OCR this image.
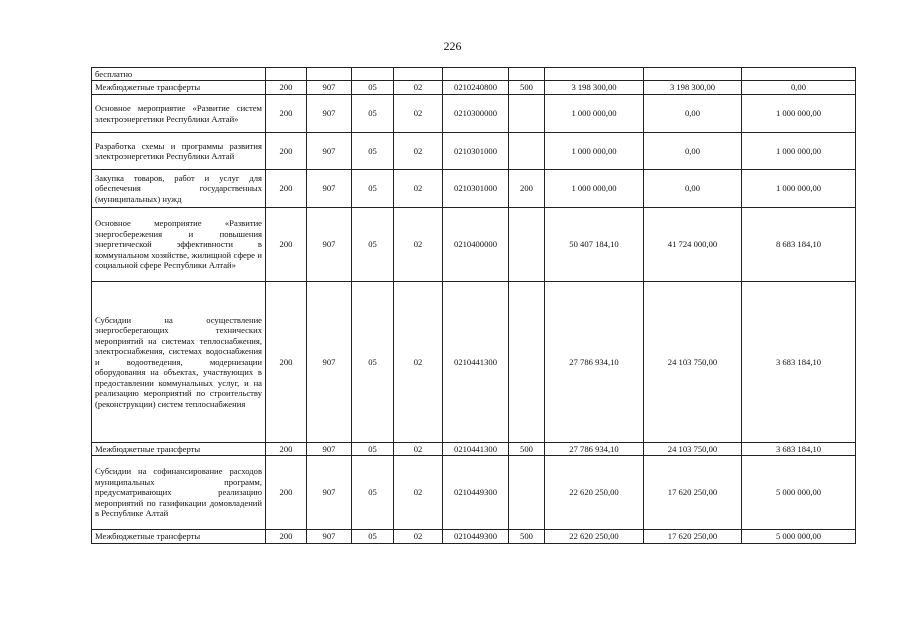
226
бесплатно									
Межбюджетные трансферты	200	907	05	02	0210240800	500	3 198 300,00	3 198 300,00	0,00
Основное мероприятие «Развитие систем электроэнергетики Республики Алтай»	200	907	05	02	0210300000		1 000 000,00	0,00	1 000 000,00
Разработка схемы и программы развития электроэнергетики Республики Алтай	200	907	05	02	0210301000		1 000 000,00	0,00	1 000 000,00
Закупка товаров, работ и услуг для обеспечения государственных (муниципальных) нужд	200	907	05	02	0210301000	200	1 000 000,00	0,00	1 000 000,00
Основное мероприятие «Развитие энергосбережения и повышения энергетической эффективности в коммунальном хозяйстве, жилищной сфере и социальной сфере Республики Алтай»	200	907	05	02	0210400000		50 407 184,10	41 724 000,00	8 683 184,10
Субсидии на осуществление энергосберегающих технических мероприятий на системах теплоснабжения, электроснабжения, системах водоснабжения и водоотведения, модернизации оборудования на объектах, участвующих в предоставлении коммунальных услуг, и на реализацию мероприятий по строительству (реконструкции) систем теплоснабжения	200	907	05	02	0210441300		27 786 934,10	24 103 750,00	3 683 184,10
Межбюджетные трансферты	200	907	05	02	0210441300	500	27 786 934,10	24 103 750,00	3 683 184,10
Субсидии на софинансирование расходов муниципальных программ, предусматривающих реализацию мероприятий по газификации домовладений в Республике Алтай	200	907	05	02	0210449300		22 620 250,00	17 620 250,00	5 000 000,00
Межбюджетные трансферты	200	907	05	02	0210449300	500	22 620 250,00	17 620 250,00	5 000 000,00
